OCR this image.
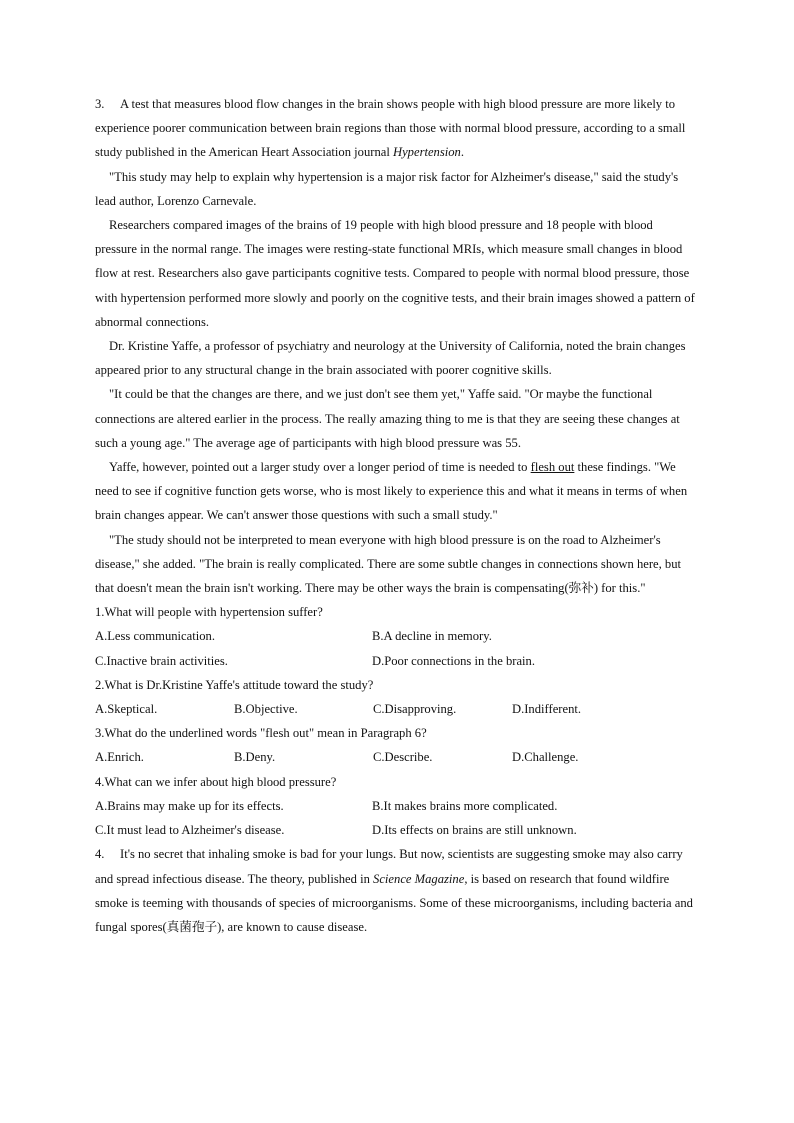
3. A test that measures blood flow changes in the brain shows people with high blood pressure are more likely to experience poorer communication between brain regions than those with normal blood pressure, according to a small study published in the American Heart Association journal Hypertension.

"This study may help to explain why hypertension is a major risk factor for Alzheimer's disease," said the study's lead author, Lorenzo Carnevale.

Researchers compared images of the brains of 19 people with high blood pressure and 18 people with blood pressure in the normal range. The images were resting-state functional MRIs, which measure small changes in blood flow at rest. Researchers also gave participants cognitive tests. Compared to people with normal blood pressure, those with hypertension performed more slowly and poorly on the cognitive tests, and their brain images showed a pattern of abnormal connections.

Dr. Kristine Yaffe, a professor of psychiatry and neurology at the University of California, noted the brain changes appeared prior to any structural change in the brain associated with poorer cognitive skills.

"It could be that the changes are there, and we just don't see them yet," Yaffe said. "Or maybe the functional connections are altered earlier in the process. The really amazing thing to me is that they are seeing these changes at such a young age." The average age of participants with high blood pressure was 55.

Yaffe, however, pointed out a larger study over a longer period of time is needed to flesh out these findings. "We need to see if cognitive function gets worse, who is most likely to experience this and what it means in terms of when brain changes appear. We can't answer those questions with such a small study."

"The study should not be interpreted to mean everyone with high blood pressure is on the road to Alzheimer's disease," she added. "The brain is really complicated. There are some subtle changes in connections shown here, but that doesn't mean the brain isn't working. There may be other ways the brain is compensating(弥补) for this."

1.What will people with hypertension suffer?

A.Less communication.	B.A decline in memory.
C.Inactive brain activities.	D.Poor connections in the brain.

2.What is Dr.Kristine Yaffe's attitude toward the study?

A.Skeptical.	B.Objective.	C.Disapproving.	D.Indifferent.

3.What do the underlined words "flesh out" mean in Paragraph 6?

A.Enrich.	B.Deny.	C.Describe.	D.Challenge.

4.What can we infer about high blood pressure?

A.Brains may make up for its effects.	B.It makes brains more complicated.
C.It must lead to Alzheimer's disease.	D.Its effects on brains are still unknown.

4. It's no secret that inhaling smoke is bad for your lungs. But now, scientists are suggesting smoke may also carry and spread infectious disease. The theory, published in Science Magazine, is based on research that found wildfire smoke is teeming with thousands of species of microorganisms. Some of these microorganisms, including bacteria and fungal spores(真菌孢子), are known to cause disease.
